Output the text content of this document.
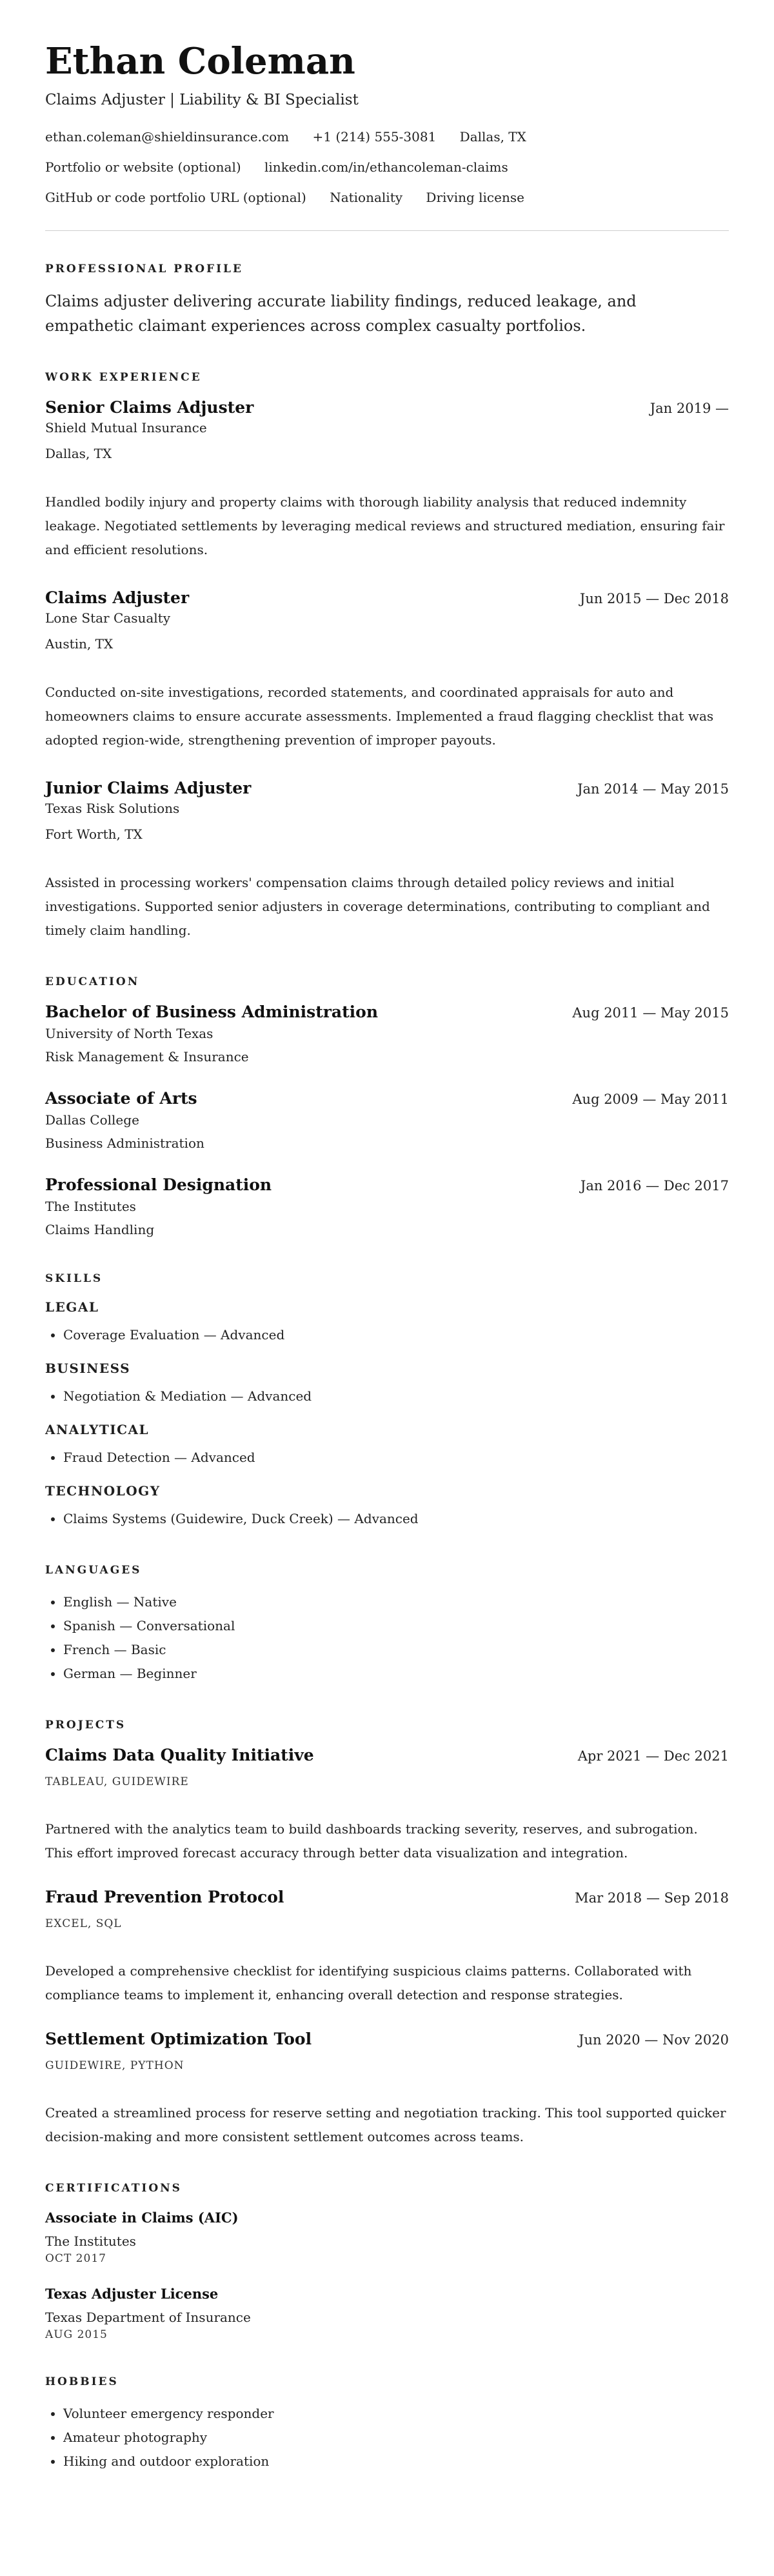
Ethan Coleman
Claims Adjuster | Liability & BI Specialist
ethan.coleman@shieldinsurance.com +1 (214) 555-3081 Dallas, TX
Portfolio or website (optional) linkedin.com/in/ethancoleman-claims
GitHub or code portfolio URL (optional) Nationality Driving license
PROFESSIONAL PROFILE

Claims adjuster delivering accurate liability findings, reduced leakage, and empathetic claimant experiences across complex casualty portfolios.

WORK EXPERIENCE
Senior Claims Adjuster	Jan 2019 —
Shield Mutual Insurance
Dallas, TX
Handled bodily injury and property claims with thorough liability analysis that reduced indemnity leakage. Negotiated settlements by leveraging medical reviews and structured mediation, ensuring fair and efficient resolutions.
Claims Adjuster	Jun 2015 — Dec 2018
Lone Star Casualty
Austin, TX
Conducted on-site investigations, recorded statements, and coordinated appraisals for auto and homeowners claims to ensure accurate assessments. Implemented a fraud flagging checklist that was adopted region-wide, strengthening prevention of improper payouts.
Junior Claims Adjuster	Jan 2014 — May 2015
Texas Risk Solutions
Fort Worth, TX
Assisted in processing workers' compensation claims through detailed policy reviews and initial investigations. Supported senior adjusters in coverage determinations, contributing to compliant and timely claim handling.
EDUCATION
Bachelor of Business Administration	Aug 2011 — May 2015
University of North Texas
Risk Management & Insurance
Associate of Arts	Aug 2009 — May 2011
Dallas College
Business Administration
Professional Designation	Jan 2016 — Dec 2017
The Institutes
Claims Handling
SKILLS
LEGAL
• Coverage Evaluation — Advanced
BUSINESS
• Negotiation & Mediation — Advanced
ANALYTICAL
• Fraud Detection — Advanced
TECHNOLOGY
• Claims Systems (Guidewire, Duck Creek) — Advanced
LANGUAGES
• English — Native
• Spanish — Conversational
• French — Basic
• German — Beginner
PROJECTS
Claims Data Quality Initiative	Apr 2021 — Dec 2021
TABLEAU, GUIDEWIRE
Partnered with the analytics team to build dashboards tracking severity, reserves, and subrogation. This effort improved forecast accuracy through better data visualization and integration.
Fraud Prevention Protocol	Mar 2018 — Sep 2018
EXCEL, SQL
Developed a comprehensive checklist for identifying suspicious claims patterns. Collaborated with compliance teams to implement it, enhancing overall detection and response strategies.
Settlement Optimization Tool	Jun 2020 — Nov 2020
GUIDEWIRE, PYTHON
Created a streamlined process for reserve setting and negotiation tracking. This tool supported quicker decision-making and more consistent settlement outcomes across teams.
CERTIFICATIONS
Associate in Claims (AIC)
The Institutes
OCT 2017
Texas Adjuster License
Texas Department of Insurance
AUG 2015
HOBBIES
• Volunteer emergency responder
• Amateur photography
• Hiking and outdoor exploration
